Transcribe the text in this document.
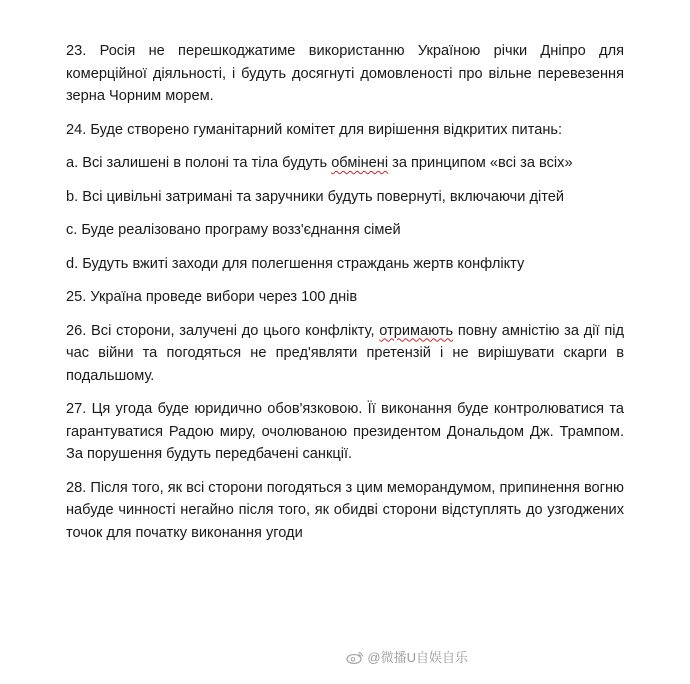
23. Росія не перешкоджатиме використанню Україною річки Дніпро для комерційної діяльності, і будуть досягнуті домовленості про вільне перевезення зерна Чорним морем.

24. Буде створено гуманітарний комітет для вирішення відкритих питань:

a. Всі залишені в полоні та тіла будуть обмінені за принципом «всі за всіх»

b. Всі цивільні затримані та заручники будуть повернуті, включаючи дітей

c. Буде реалізовано програму возз'єднання сімей

d. Будуть вжиті заходи для полегшення страждань жертв конфлікту

25. Україна проведе вибори через 100 днів

26. Всі сторони, залучені до цього конфлікту, отримають повну амністію за дії під час війни та погодяться не пред'являти претензій і не вирішувати скарги в подальшому.

27. Ця угода буде юридично обов'язковою. Її виконання буде контролюватися та гарантуватися Радою миру, очолюваною президентом Дональдом Дж. Трампом. За порушення будуть передбачені санкції.

28. Після того, як всі сторони погодяться з цим меморандумом, припинення вогню набуде чинності негайно після того, як обидві сторони відступлять до узгоджених точок для початку виконання угоди

@微播U自娱自乐
